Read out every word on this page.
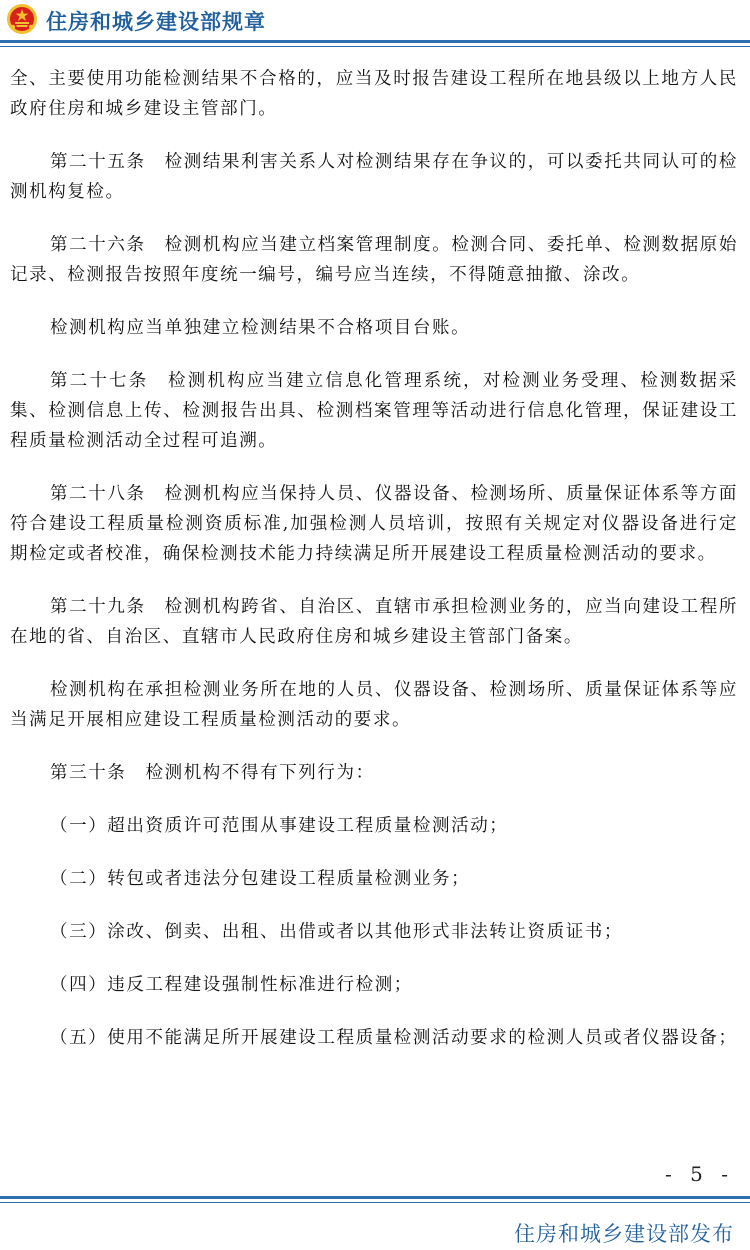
住房和城乡建设部规章

全、主要使用功能检测结果不合格的，应当及时报告建设工程所在地县级以上地方人民政府住房和城乡建设主管部门。

第二十五条　检测结果利害关系人对检测结果存在争议的，可以委托共同认可的检测机构复检。

第二十六条　检测机构应当建立档案管理制度。检测合同、委托单、检测数据原始记录、检测报告按照年度统一编号，编号应当连续，不得随意抽撤、涂改。

检测机构应当单独建立检测结果不合格项目台账。

第二十七条　检测机构应当建立信息化管理系统，对检测业务受理、检测数据采集、检测信息上传、检测报告出具、检测档案管理等活动进行信息化管理，保证建设工程质量检测活动全过程可追溯。

第二十八条　检测机构应当保持人员、仪器设备、检测场所、质量保证体系等方面符合建设工程质量检测资质标准,加强检测人员培训，按照有关规定对仪器设备进行定期检定或者校准，确保检测技术能力持续满足所开展建设工程质量检测活动的要求。

第二十九条　检测机构跨省、自治区、直辖市承担检测业务的，应当向建设工程所在地的省、自治区、直辖市人民政府住房和城乡建设主管部门备案。

检测机构在承担检测业务所在地的人员、仪器设备、检测场所、质量保证体系等应当满足开展相应建设工程质量检测活动的要求。

第三十条　检测机构不得有下列行为：

（一）超出资质许可范围从事建设工程质量检测活动；

（二）转包或者违法分包建设工程质量检测业务；

（三）涂改、倒卖、出租、出借或者以其他形式非法转让资质证书；

（四）违反工程建设强制性标准进行检测；

（五）使用不能满足所开展建设工程质量检测活动要求的检测人员或者仪器设备；

- 5 -
住房和城乡建设部发布
